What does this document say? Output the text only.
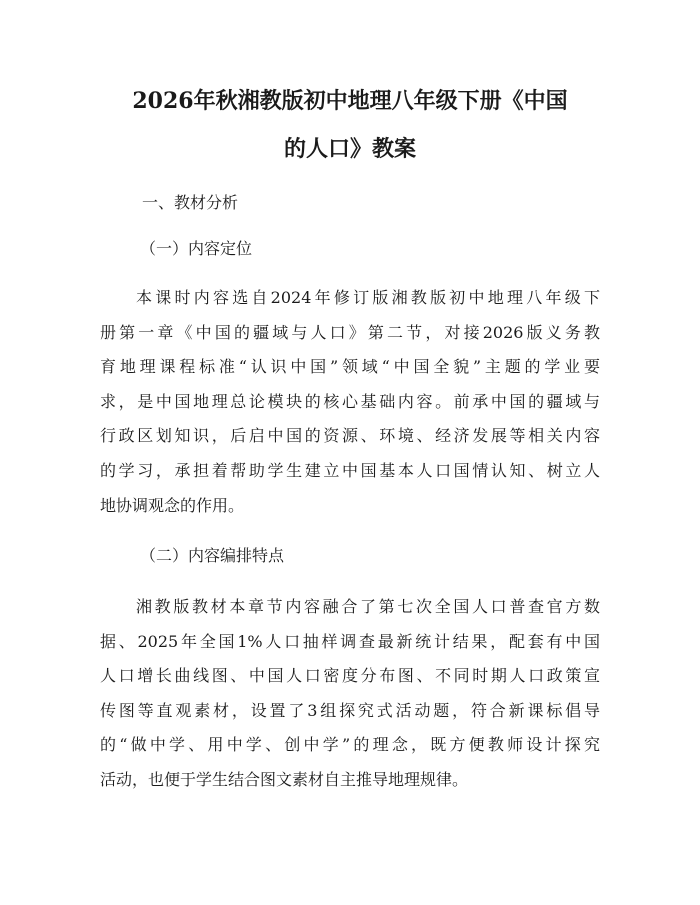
2026年秋湘教版初中地理八年级下册《中国
的人口》教案

一、教材分析

（一）内容定位

本课时内容选自2024年修订版湘教版初中地理八年级下
册第一章《中国的疆域与人口》第二节，对接2026版义务教
育地理课程标准“认识中国”领域“中国全貌”主题的学业要
求，是中国地理总论模块的核心基础内容。前承中国的疆域与
行政区划知识，后启中国的资源、环境、经济发展等相关内容
的学习，承担着帮助学生建立中国基本人口国情认知、树立人
地协调观念的作用。

（二）内容编排特点

湘教版教材本章节内容融合了第七次全国人口普查官方数
据、2025年全国1%人口抽样调查最新统计结果，配套有中国
人口增长曲线图、中国人口密度分布图、不同时期人口政策宣
传图等直观素材，设置了3组探究式活动题，符合新课标倡导
的“做中学、用中学、创中学”的理念，既方便教师设计探究
活动，也便于学生结合图文素材自主推导地理规律。
